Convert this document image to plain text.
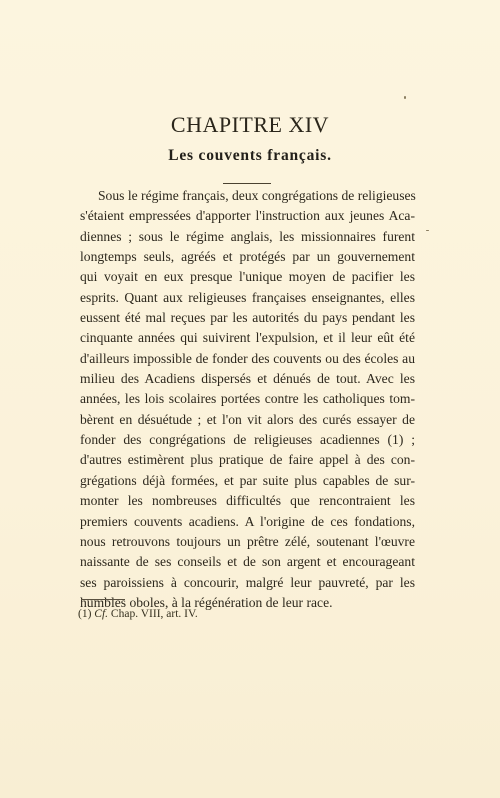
CHAPITRE XIV
Les couvents français.
Sous le régime français, deux congrégations de religieuses
s'étaient empressées d'apporter l'instruction aux jeunes Aca-
diennes ; sous le régime anglais, les missionnaires furent
longtemps seuls, agréés et protégés par un gouvernement
qui voyait en eux presque l'unique moyen de pacifier les
esprits. Quant aux religieuses françaises enseignantes, elles
eussent été mal reçues par les autorités du pays pendant les
cinquante années qui suivirent l'expulsion, et il leur eût été
d'ailleurs impossible de fonder des couvents ou des écoles au
milieu des Acadiens dispersés et dénués de tout. Avec les
années, les lois scolaires portées contre les catholiques tom-
bèrent en désuétude ; et l'on vit alors des curés essayer de
fonder des congrégations de religieuses acadiennes (1) ;
d'autres estimèrent plus pratique de faire appel à des con-
grégations déjà formées, et par suite plus capables de sur-
monter les nombreuses difficultés que rencontraient les
premiers couvents acadiens. A l'origine de ces fondations,
nous retrouvons toujours un prêtre zélé, soutenant l'œuvre
naissante de ses conseils et de son argent et encourageant
ses paroissiens à concourir, malgré leur pauvreté, par les
humbles oboles, à la régénération de leur race.
(1) Cf. Chap. VIII, art. IV.
